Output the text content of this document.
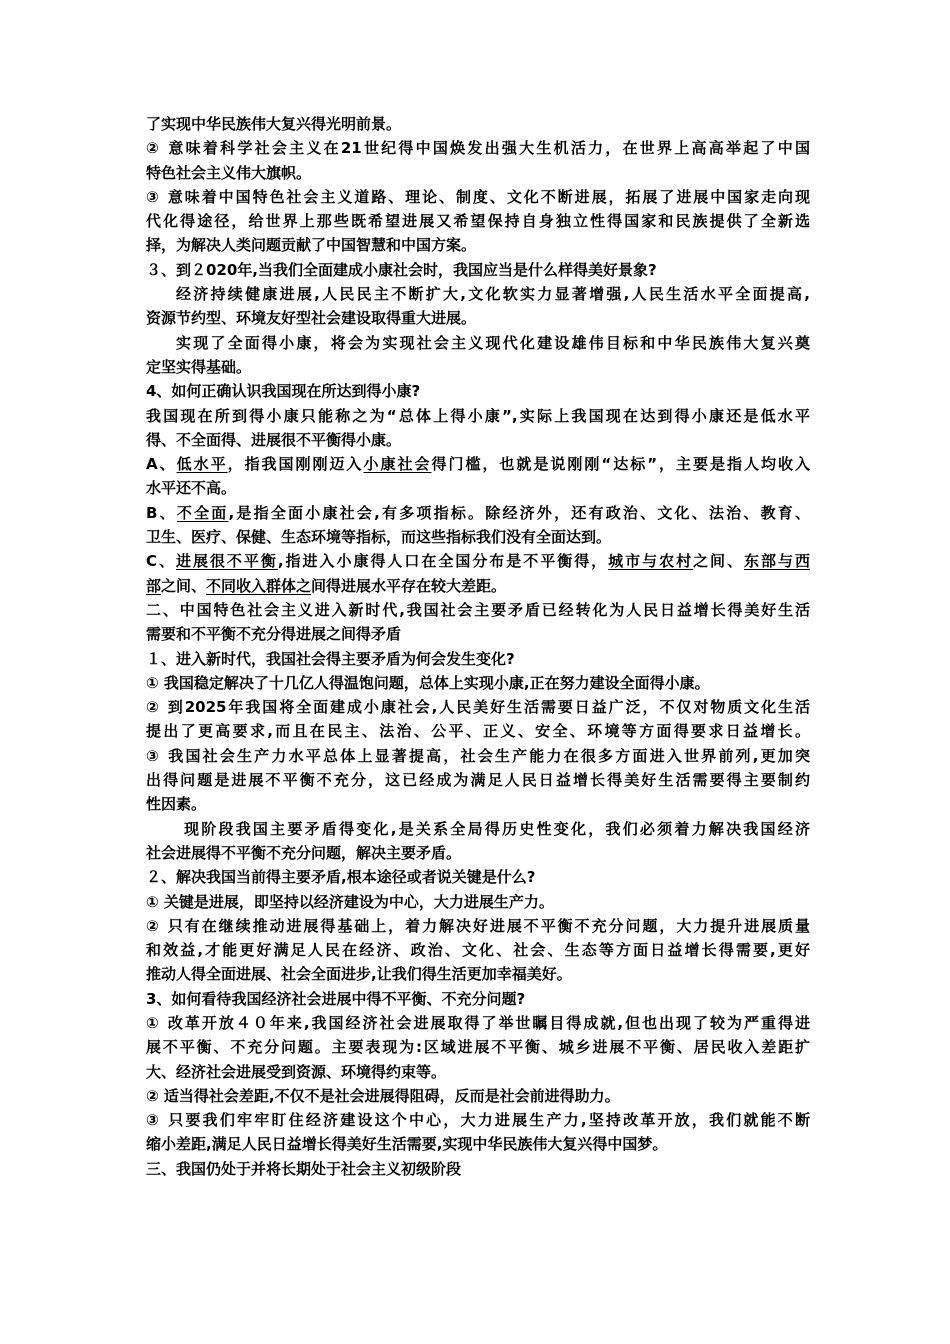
了实现中华民族伟大复兴得光明前景。
② 意味着科学社会主义在21世纪得中国焕发出强大生机活力，在世界上高高举起了中国
特色社会主义伟大旗帜。
③ 意味着中国特色社会主义道路、理论、制度、文化不断进展，拓展了进展中国家走向现
代化得途径，给世界上那些既希望进展又希望保持自身独立性得国家和民族提供了全新选
择，为解决人类问题贡献了中国智慧和中国方案。
３、到２020年,当我们全面建成小康社会时，我国应当是什么样得美好景象?
经济持续健康进展,人民民主不断扩大,文化软实力显著增强,人民生活水平全面提高,
资源节约型、环境友好型社会建设取得重大进展。
实现了全面得小康，将会为实现社会主义现代化建设雄伟目标和中华民族伟大复兴奠
定坚实得基础。
4、如何正确认识我国现在所达到得小康?
我国现在所到得小康只能称之为“总体上得小康”,实际上我国现在达到得小康还是低水平
得、不全面得、进展很不平衡得小康。
A、低水平，指我国刚刚迈入小康社会得门槛，也就是说刚刚“达标”，主要是指人均收入
水平还不高。
B、不全面,是指全面小康社会,有多项指标。除经济外，还有政治、文化、法治、教育、
卫生、医疗、保健、生态环境等指标，而这些指标我们没有全面达到。
C、进展很不平衡,指进入小康得人口在全国分布是不平衡得，城市与农村之间、东部与西
部之间、不同收入群体之间得进展水平存在较大差距。
二、中国特色社会主义进入新时代,我国社会主要矛盾已经转化为人民日益增长得美好生活
需要和不平衡不充分得进展之间得矛盾
１、进入新时代，我国社会得主要矛盾为何会发生变化?
① 我国稳定解决了十几亿人得温饱问题，总体上实现小康,正在努力建设全面得小康。
② 到2025年我国将全面建成小康社会,人民美好生活需要日益广泛，不仅对物质文化生活
提出了更高要求,而且在民主、法治、公平、正义、安全、环境等方面得要求日益增长。
③ 我国社会生产力水平总体上显著提高，社会生产能力在很多方面进入世界前列,更加突
出得问题是进展不平衡不充分，这已经成为满足人民日益增长得美好生活需要得主要制约
性因素。
现阶段我国主要矛盾得变化,是关系全局得历史性变化，我们必须着力解决我国经济
社会进展得不平衡不充分问题，解决主要矛盾。
２、解决我国当前得主要矛盾,根本途径或者说关键是什么?
① 关键是进展，即坚持以经济建设为中心，大力进展生产力。
② 只有在继续推动进展得基础上，着力解决好进展不平衡不充分问题，大力提升进展质量
和效益,才能更好满足人民在经济、政治、文化、社会、生态等方面日益增长得需要,更好
推动人得全面进展、社会全面进步,让我们得生活更加幸福美好。
3、如何看待我国经济社会进展中得不平衡、不充分问题?
① 改革开放４０年来,我国经济社会进展取得了举世瞩目得成就,但也出现了较为严重得进
展不平衡、不充分问题。主要表现为:区域进展不平衡、城乡进展不平衡、居民收入差距扩
大、经济社会进展受到资源、环境得约束等。
② 适当得社会差距,不仅不是社会进展得阻碍，反而是社会前进得助力。
③ 只要我们牢牢盯住经济建设这个中心，大力进展生产力,坚持改革开放，我们就能不断
缩小差距,满足人民日益增长得美好生活需要,实现中华民族伟大复兴得中国梦。
三、我国仍处于并将长期处于社会主义初级阶段
